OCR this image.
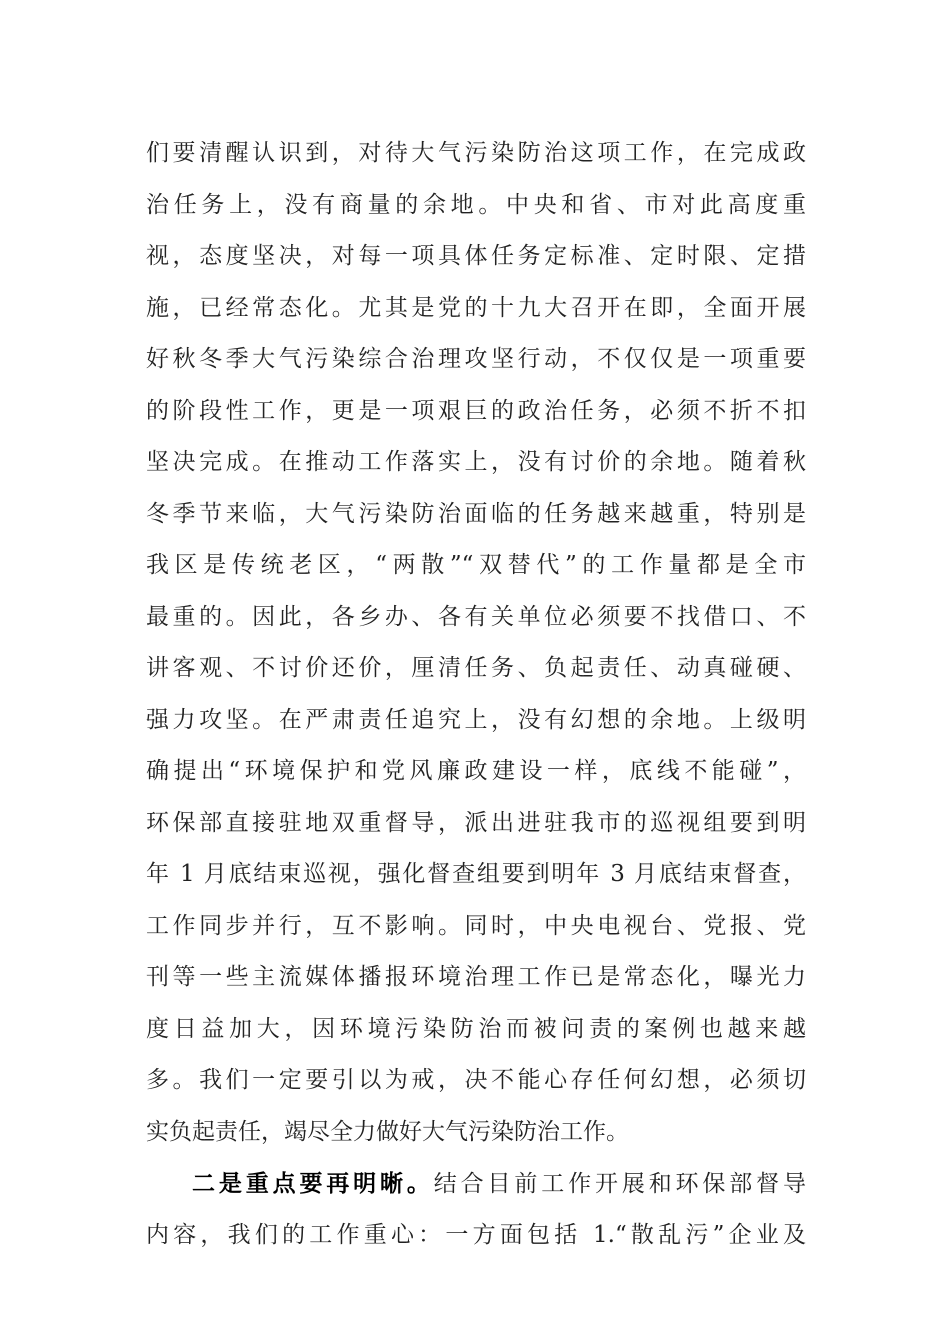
们要清醒认识到，对待大气污染防治这项工作，在完成政
治任务上，没有商量的余地。中央和省、市对此高度重
视，态度坚决，对每一项具体任务定标准、定时限、定措
施，已经常态化。尤其是党的十九大召开在即，全面开展
好秋冬季大气污染综合治理攻坚行动，不仅仅是一项重要
的阶段性工作，更是一项艰巨的政治任务，必须不折不扣
坚决完成。在推动工作落实上，没有讨价的余地。随着秋
冬季节来临，大气污染防治面临的任务越来越重，特别是
我区是传统老区，“两散”“双替代”的工作量都是全市
最重的。因此，各乡办、各有关单位必须要不找借口、不
讲客观、不讨价还价，厘清任务、负起责任、动真碰硬、
强力攻坚。在严肃责任追究上，没有幻想的余地。上级明
确提出“环境保护和党风廉政建设一样，底线不能碰”，
环保部直接驻地双重督导，派出进驻我市的巡视组要到明
年 1 月底结束巡视，强化督查组要到明年 3 月底结束督查，
工作同步并行，互不影响。同时，中央电视台、党报、党
刊等一些主流媒体播报环境治理工作已是常态化，曝光力
度日益加大，因环境污染防治而被问责的案例也越来越
多。我们一定要引以为戒，决不能心存任何幻想，必须切
实负起责任，竭尽全力做好大气污染防治工作。
二是重点要再明晰。结合目前工作开展和环保部督导
内容，我们的工作重心：一方面包括 1.“散乱污”企业及
